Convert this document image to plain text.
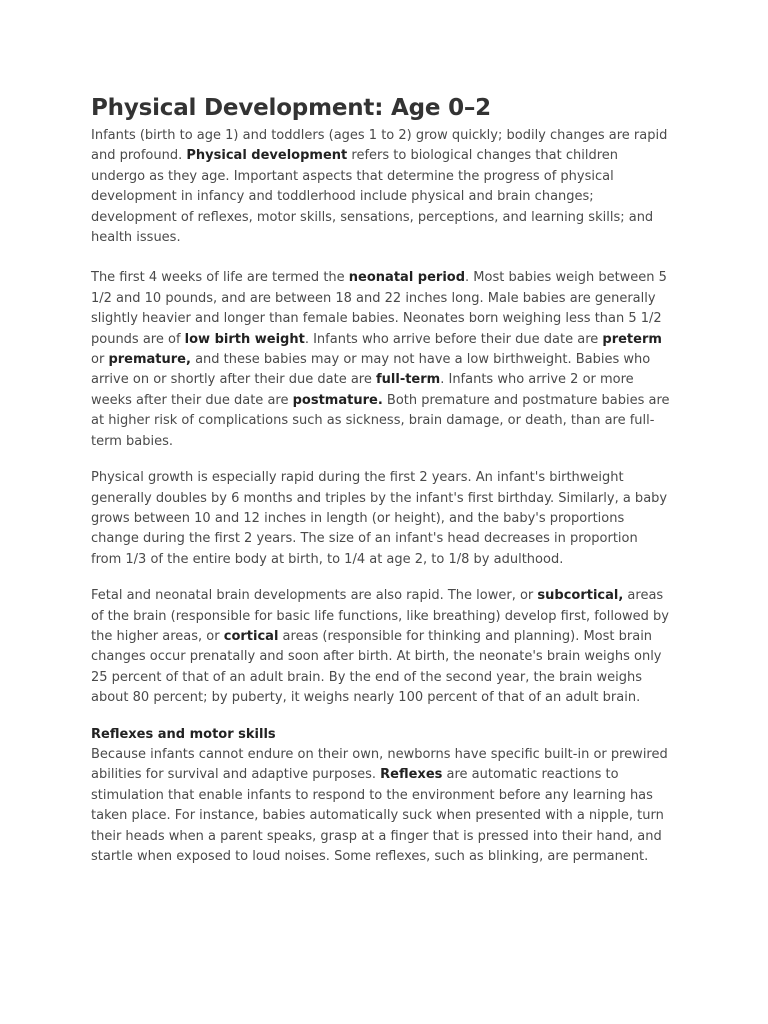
Physical Development: Age 0–2

Infants (birth to age 1) and toddlers (ages 1 to 2) grow quickly; bodily changes are rapid and profound. Physical development refers to biological changes that children undergo as they age. Important aspects that determine the progress of physical development in infancy and toddlerhood include physical and brain changes; development of reflexes, motor skills, sensations, perceptions, and learning skills; and health issues.

The first 4 weeks of life are termed the neonatal period. Most babies weigh between 5 1/2 and 10 pounds, and are between 18 and 22 inches long. Male babies are generally slightly heavier and longer than female babies. Neonates born weighing less than 5 1/2 pounds are of low birth weight. Infants who arrive before their due date are preterm or premature, and these babies may or may not have a low birthweight. Babies who arrive on or shortly after their due date are full-term. Infants who arrive 2 or more weeks after their due date are postmature. Both premature and postmature babies are at higher risk of complications such as sickness, brain damage, or death, than are full-term babies.

Physical growth is especially rapid during the first 2 years. An infant's birthweight generally doubles by 6 months and triples by the infant's first birthday. Similarly, a baby grows between 10 and 12 inches in length (or height), and the baby's proportions change during the first 2 years. The size of an infant's head decreases in proportion from 1/3 of the entire body at birth, to 1/4 at age 2, to 1/8 by adulthood.

Fetal and neonatal brain developments are also rapid. The lower, or subcortical, areas of the brain (responsible for basic life functions, like breathing) develop first, followed by the higher areas, or cortical areas (responsible for thinking and planning). Most brain changes occur prenatally and soon after birth. At birth, the neonate's brain weighs only 25 percent of that of an adult brain. By the end of the second year, the brain weighs about 80 percent; by puberty, it weighs nearly 100 percent of that of an adult brain.

Reflexes and motor skills

Because infants cannot endure on their own, newborns have specific built-in or prewired abilities for survival and adaptive purposes. Reflexes are automatic reactions to stimulation that enable infants to respond to the environment before any learning has taken place. For instance, babies automatically suck when presented with a nipple, turn their heads when a parent speaks, grasp at a finger that is pressed into their hand, and startle when exposed to loud noises. Some reflexes, such as blinking, are permanent.
